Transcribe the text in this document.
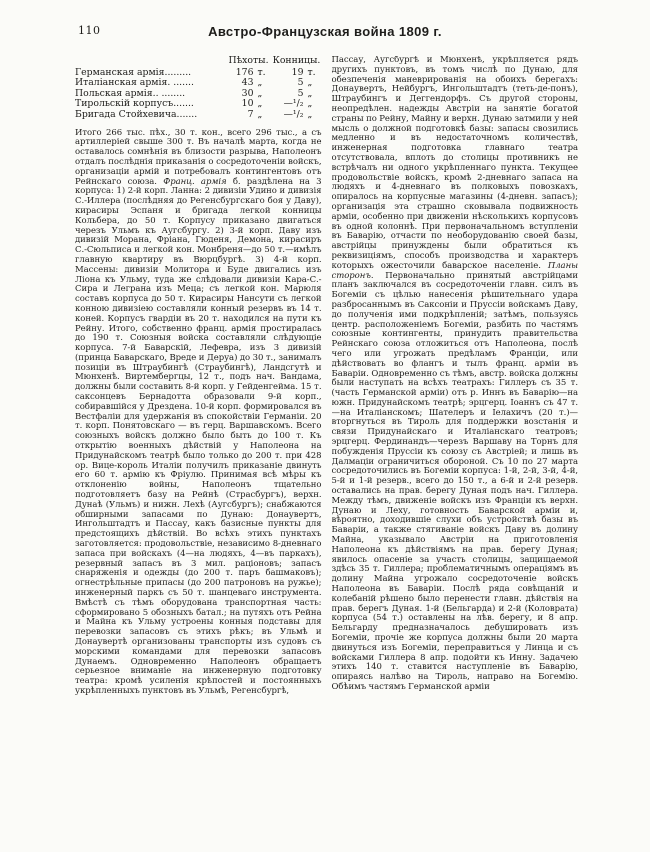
110	Австро-Французская война 1809 г.
Пѣхоты. Конницы.
Германская армія.........	176 т.	19 т.
Италіанская армія. .......	43 „	5 „
Польская армія.. ........	30 „	5 „
Тирольскій корпусъ.......	10 „	—¹/₂ „
Бригада Стойхевича.......	7 „	—¹/₂ „

Итого 266 тыс. пѣх., 30 т. кон., всего 296 тыс., а съ артиллеріей свыше 300 т. Въ началѣ марта, когда не оставалось сомнѣнія въ близости разрыва, Наполеонъ отдалъ послѣднія приказанія о сосредоточеніи войскъ, организаціи армій и потребовалъ контингентовъ отъ Рейнскаго союза. Франц. армія б. раздѣлена на 3 корпуса: 1) 2-й корп. Ланна: 2 дивизіи Удино и дивизія С.-Иллера (послѣдняя до Регенсбургскаго боя у Даву), кирасиры Эспаня и бригада легкой конницы Кольбера, до 50 т. Корпусу приказано двигаться черезъ Ульмъ къ Аугсбургу. 2) 3-й корп. Даву изъ дивизій Морана, Фріана, Гюденя, Демона, кирасиръ С.-Сюльписа и легкой кон. Монбреня—до 50 т.—имѣлъ главную квартиру въ Вюрцбургѣ. 3) 4-й корп. Массены: дивизіи Молитора и Буде двигались изъ Ліона къ Ульму, туда же слѣдовали дивизіи Кара-С.-Сира и Леграна изъ Меца; съ легкой кон. Марюля составъ корпуса до 50 т. Кирасиры Нансути съ легкой конною дивизіею составляли конный резервъ въ 14 т. коней. Корпусъ гвардіи въ 20 т. находился на пути къ Рейну. Итого, собственно франц. армія простиралась до 190 т. Союзныя войска составляли слѣдующіе корпуса. 7-й Баварскій, Лефевра, изъ 3 дивизій (принца Баварскаго, Вреде и Деруа) до 30 т., занималъ позиціи въ Штраубингѣ (Страубингѣ), Ландсгутѣ и Мюнхенѣ. Виртембергцы, 12 т., подъ нач. Вандама, должны были составить 8-й корп. у Гейденгейма. 15 т. саксонцевъ Бернадотта образовали 9-й корп., собиравшійся у Дрездена. 10-й корп. формировался въ Вестфаліи для удержанія въ спокойствіи Германіи. 20 т. корп. Понятовскаго — въ герц. Варшавскомъ. Всего союзныхъ войскъ должно было быть до 100 т. Къ открытію военныхъ дѣйствій у Наполеона на Придунайскомъ театрѣ было только до 200 т. при 428 ор. Вице-король Италіи получилъ приказаніе двинуть его 60 т. армію къ Фріулю. Принимая всѣ мѣры къ отклоненію войны, Наполеонъ тщательно подготовляетъ базу на Рейнѣ (Страсбургъ), верхн. Дунаѣ (Ульмъ) и нижн. Лехѣ (Аугсбургъ); снабжаются обширными запасами по Дунаю: Донаувертъ, Ингольштадтъ и Пассау, какъ базисные пункты для предстоящихъ дѣйствій. Во всѣхъ этихъ пунктахъ заготовляется: продовольствіе, независимо 8-дневнаго запаса при войскахъ (4—на людяхъ, 4—въ паркахъ), резервный запасъ въ 3 мил. раціоновъ; запасъ снаряженія и одежды (до 200 т. паръ башмаковъ); огнестрѣльные припасы (до 200 патроновъ на ружье); инженерный паркъ съ 50 т. шанцеваго инструмента. Вмѣстѣ съ тѣмъ оборудована транспортная часть: сформировано 5 обозныхъ батал.; на путяхъ отъ Рейна и Майна къ Ульму устроены конныя подставы для перевозки запасовъ съ этихъ рѣкъ; въ Ульмѣ и Донаувертѣ организованы транспорты изъ судовъ съ морскими командами для перевозки запасовъ Дунаемъ. Одновременно Наполеонъ обращаетъ серьезное вниманіе на инженерную подготовку театра: кромѣ усиленія крѣпостей и постоянныхъ укрѣпленныхъ пунктовъ въ Ульмѣ, Регенсбургѣ,

Пассау, Аугсбургѣ и Мюнхенѣ, укрѣпляется рядъ другихъ пунктовъ, въ томъ числѣ по Дунаю, для обезпеченія маневрированія на обоихъ берегахъ: Донаувертъ, Нейбургъ, Ингольштадтъ (теть-де-понъ), Штраубингъ и Деггендорфъ. Съ другой стороны, неопредѣлен. надежды Австріи на занятіе богатой страны по Рейну, Майну и верхн. Дунаю затмили у ней мысль о должной подготовкѣ базы: запасы свозились медленно и въ недостаточномъ количествѣ, инженерная подготовка главнаго театра отсутствовала, вплоть до столицы противникъ не встрѣчалъ ни одного укрѣпленнаго пункта. Текущее продовольствіе войскъ, кромѣ 2-дневнаго запаса на людяхъ и 4-дневнаго въ полковыхъ повозкахъ, опиралось на корпусные магазины (4-дневн. запасъ); организація эта страшно сковывала подвижность арміи, особенно при движеніи нѣсколькихъ корпусовъ въ одной колоннѣ. При первоначальномъ вступленіи въ Баварію, отчасти по необорудованію своей базы, австрійцы принуждены были обратиться къ реквизиціямъ, способъ производства и характеръ которыхъ ожесточили баварское населеніе. Планы сторонъ. Первоначально принятый австрійцами планъ заключался въ сосредоточеніи главн. силъ въ Богеміи съ цѣлью нанесенія рѣшительнаго удара разбросаннымъ въ Саксоніи и Пруссіи войскамъ Даву, до полученія ими подкрѣпленій; затѣмъ, пользуясь центр. расположеніемъ Богеміи, разбить по частямъ союзные контингенты, принудить правительства Рейнскаго союза отложиться отъ Наполеона, послѣ чего или угрожать предѣламъ Франціи, или дѣйствовать во флангъ и тылъ франц. арміи въ Баваріи. Одновременно съ тѣмъ, австр. войска должны были наступать на всѣхъ театрахъ: Гиллеръ съ 35 т. (часть Германской арміи) отъ р. Иннъ въ Баварію—на южн. Придунайскомъ театрѣ; эрцгерц. Іоаннъ съ 47 т.—на Италіанскомъ; Шателеръ и Іелахичъ (20 т.)—вторгнуться въ Тироль для поддержки возстанія и связи Придунайскаго и Италіанскаго театровъ; эрцгерц. Фердинандъ—черезъ Варшаву на Торнъ для побужденія Пруссіи къ союзу съ Австріей; и лишь въ Далмаціи ограничиться обороной. Съ 10 по 27 марта сосредоточились въ Богеміи корпуса: 1-й, 2-й, 3-й, 4-й, 5-й и 1-й резерв., всего до 150 т., а 6-й и 2-й резерв. оставались на прав. берегу Дуная подъ нач. Гиллера. Между тѣмъ, движеніе войскъ изъ Франціи къ верхн. Дунаю и Леху, готовность Баварской арміи и, вѣроятно, доходившіе слухи объ устройствѣ базы въ Баваріи, а также стягиваніе войскъ Даву въ долину Майна, указывало Австріи на приготовленія Наполеона къ дѣйствіямъ на прав. берегу Дуная; явилось опасеніе за участь столицы, защищаемой здѣсь 35 т. Гиллера; проблематичнымъ операціямъ въ долину Майна угрожало сосредоточеніе войскъ Наполеона въ Баваріи. Послѣ ряда совѣщаній и колебаній рѣшено было перенести главн. дѣйствія на прав. берегъ Дуная. 1-й (Бельгарда) и 2-й (Коловрата) корпуса (54 т.) оставлены на лѣв. берегу, и 8 апр. Бельгарду предназначалось дебушировать изъ Богеміи, прочіе же корпуса должны были 20 марта двинуться изъ Богеміи, переправиться у Линца и съ войсками Гиллера 8 апр. подойти къ Инну. Задачею этихъ 140 т. ставится наступленіе въ Баварію, опираясь налѣво на Тироль, направо на Богемію. Обѣимъ частямъ Германской арміи
